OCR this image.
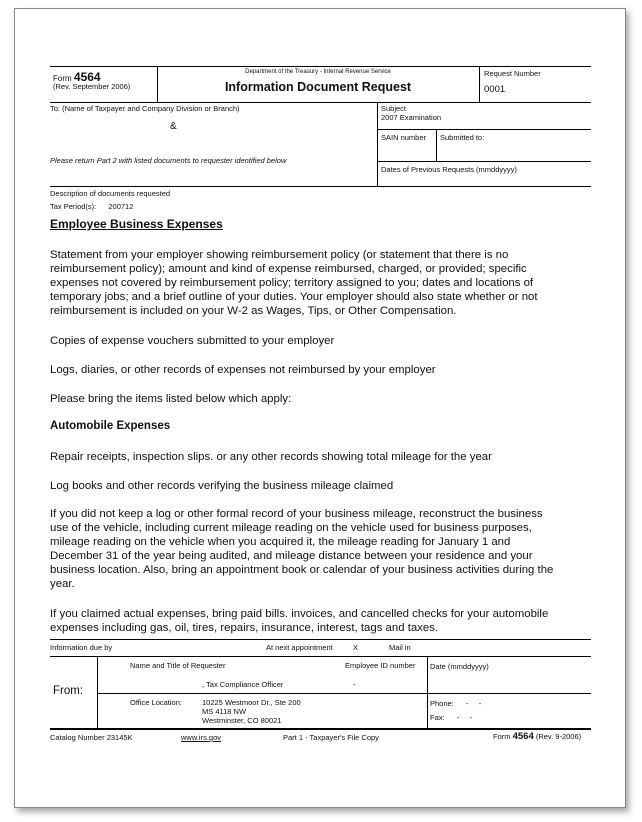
Form 4564
(Rev. September 2006)
Department of the Treasury - Internal Revenue Service
Information Document Request
Request Number
0001
To: (Name of Taxpayer and Company Division or Branch)
&
Please return Part 2 with listed documents to requester identified below
Subject
2007 Examination
SAIN number Submitted to:
Dates of Previous Requests (mmddyyyy)
Description of documents requested
Tax Period(s): 200712
Employee Business Expenses

Statement from your employer showing reimbursement policy (or statement that there is no reimbursement policy); amount and kind of expense reimbursed, charged, or provided; specific expenses not covered by reimbursement policy; territory assigned to you; dates and locations of temporary jobs; and a brief outline of your duties. Your employer should also state whether or not reimbursement is included on your W-2 as Wages, Tips, or Other Compensation.

Copies of expense vouchers submitted to your employer

Logs, diaries, or other records of expenses not reimbursed by your employer

Please bring the items listed below which apply:

Automobile Expenses

Repair receipts, inspection slips. or any other records showing total mileage for the year

Log books and other records verifying the business mileage claimed

If you did not keep a log or other formal record of your business mileage, reconstruct the business use of the vehicle, including current mileage reading on the vehicle used for business purposes, mileage reading on the vehicle when you acquired it, the mileage reading for January 1 and December 31 of the year being audited, and mileage distance between your residence and your business location. Also, bring an appointment book or calendar of your business activities during the year.

If you claimed actual expenses, bring paid bills. invoices, and cancelled checks for your automobile expenses including gas, oil, tires, repairs, insurance, interest, tags and taxes.

Information due by	At next appointment	X	Mail in
From:
Name and Title of Requester	Employee ID number Date (mmddyyyy)
, Tax Compliance Officer	-
Office Location:	10225 Westmoor Dr., Ste 200
MS 4118 NW
Westminster, CO 80021
Phone: -     -
Fax: -     -
Catalog Number 23145K	www.irs.gov	Part 1 - Taxpayer's File Copy	Form 4564 (Rev. 9-2006)
